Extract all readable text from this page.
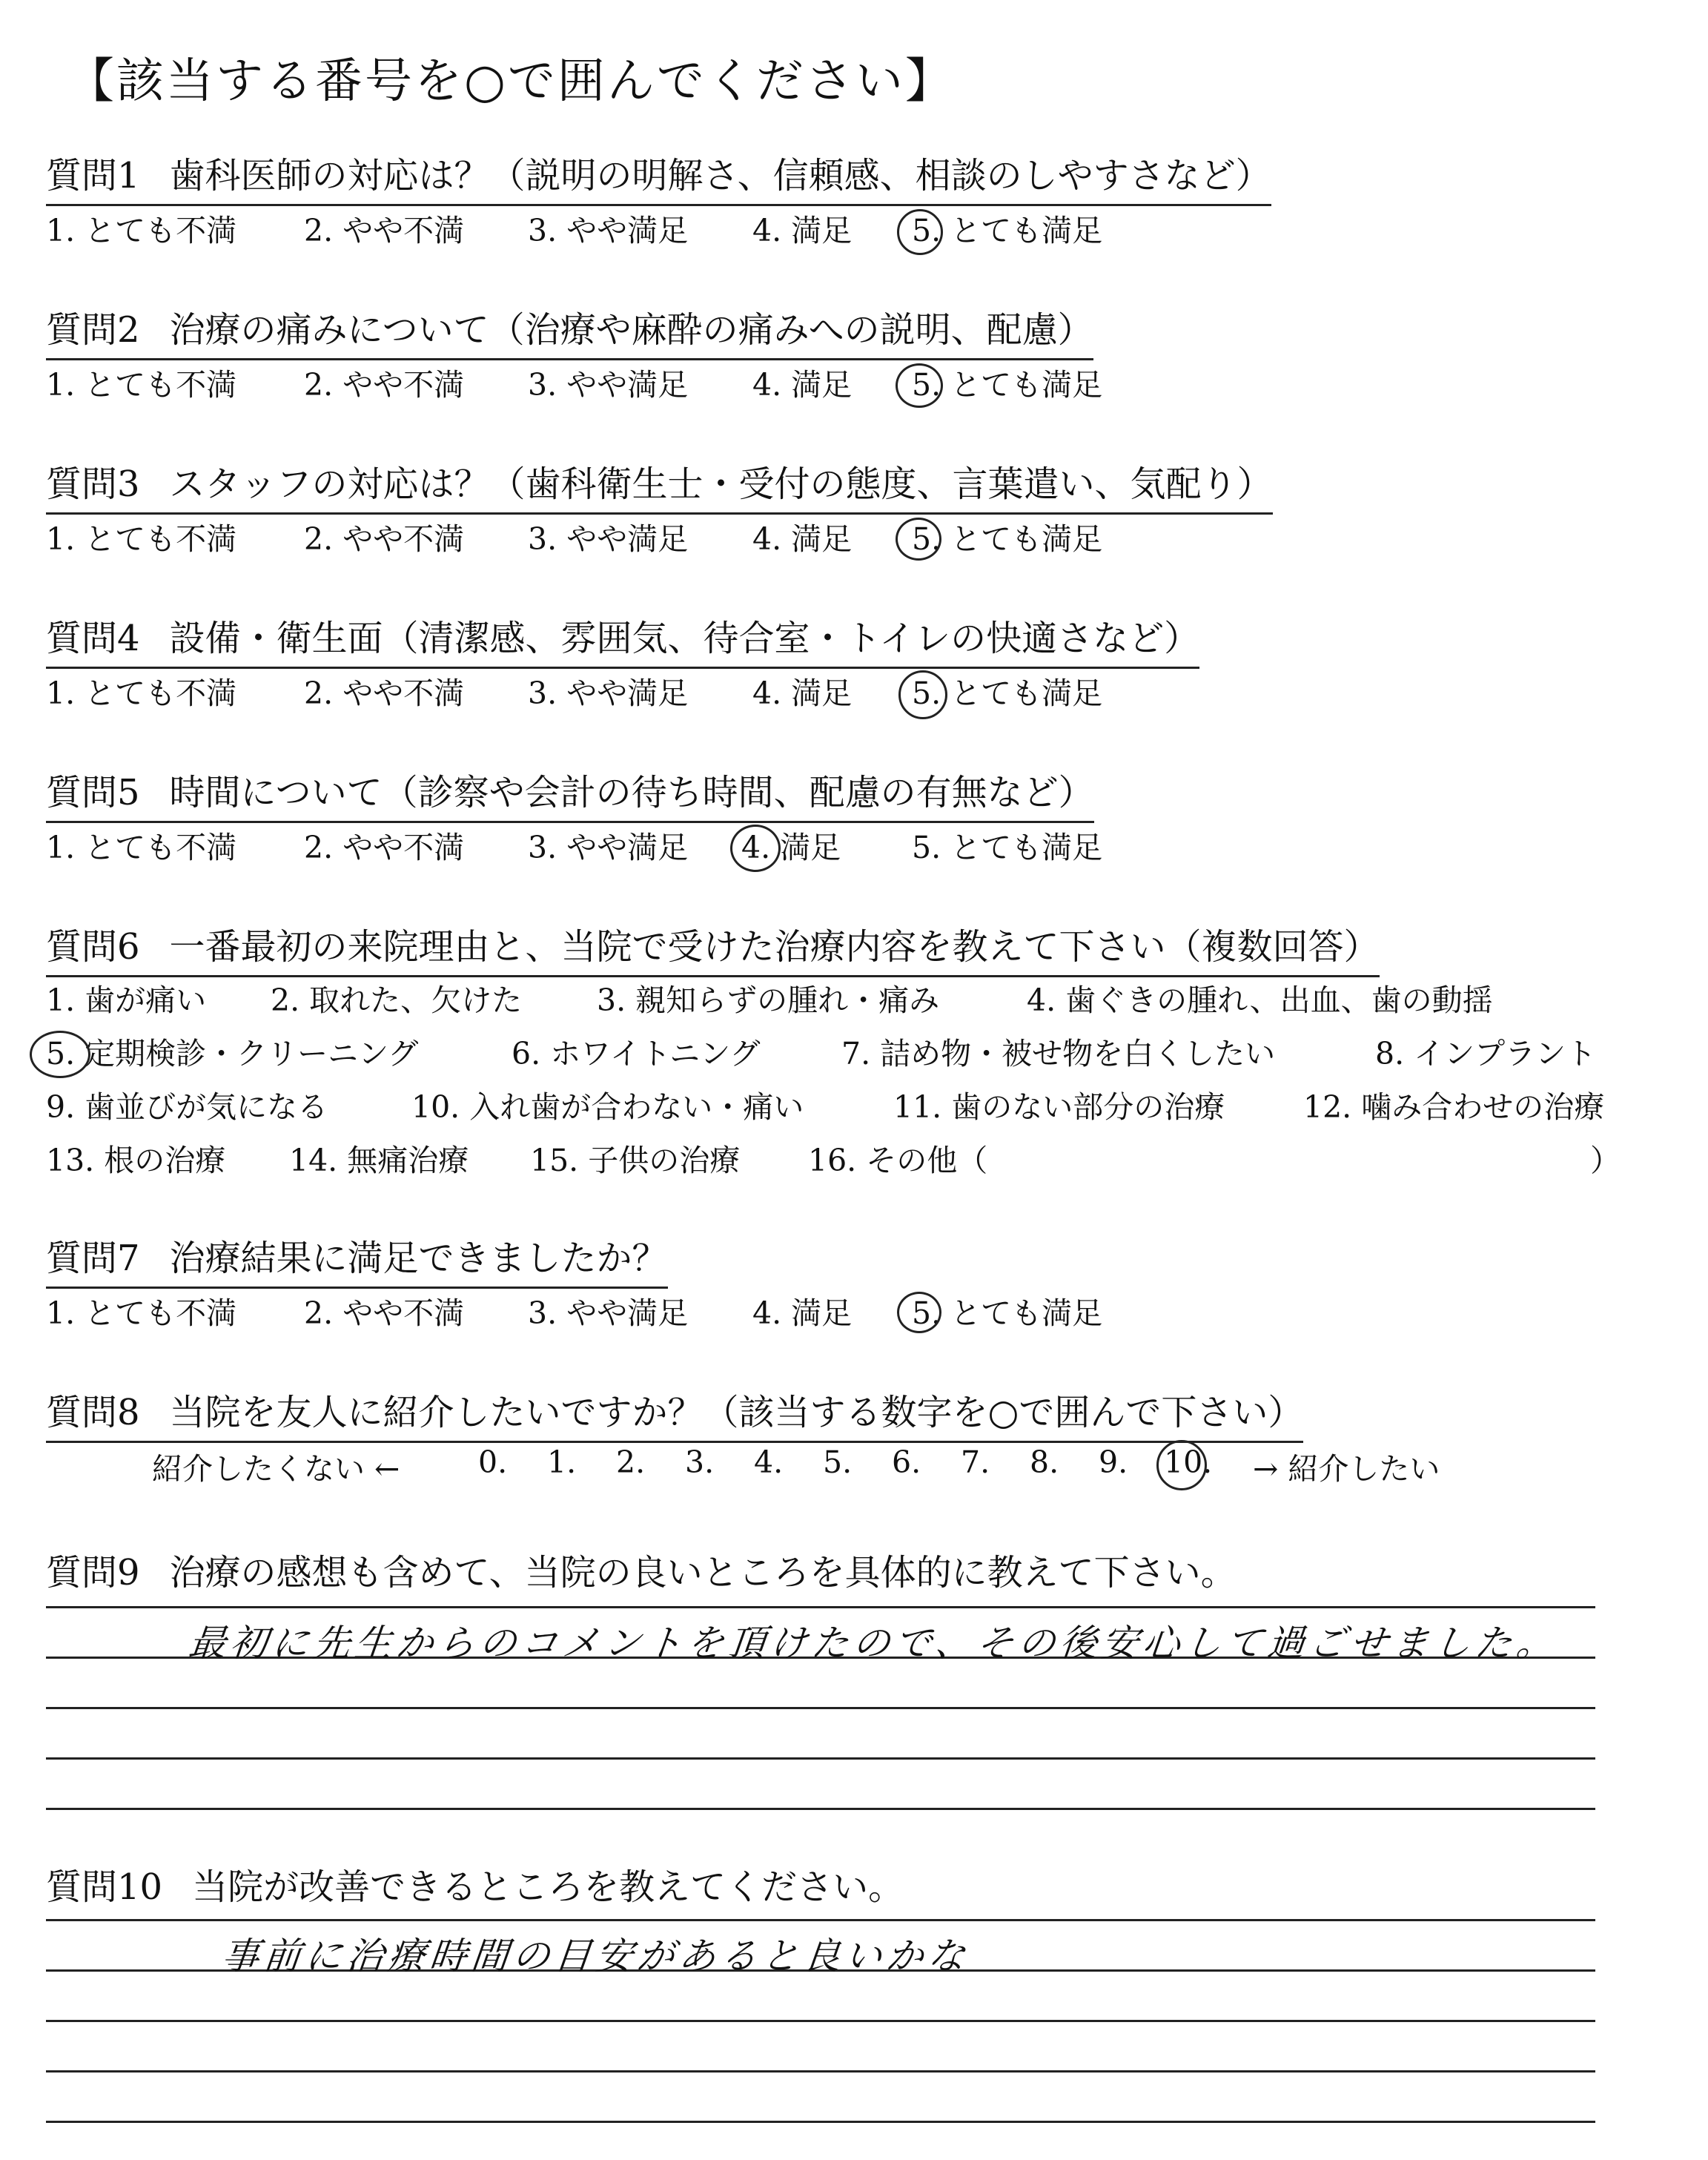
【該当する番号を○で囲んでください】
質問1 歯科医師の対応は？（説明の明解さ、信頼感、相談のしやすさなど）
1. とても不満 2. やや不満 3. やや満足 4. 満足 5. とても満足
質問2 治療の痛みについて（治療や麻酔の痛みへの説明、配慮）
1. とても不満 2. やや不満 3. やや満足 4. 満足 5. とても満足
質問3 スタッフの対応は？（歯科衛生士・受付の態度、言葉遣い、気配り）
1. とても不満 2. やや不満 3. やや満足 4. 満足 5. とても満足
質問4 設備・衛生面（清潔感、雰囲気、待合室・トイレの快適さなど）
1. とても不満 2. やや不満 3. やや満足 4. 満足 5. とても満足
質問5 時間について（診察や会計の待ち時間、配慮の有無など）
1. とても不満 2. やや不満 3. やや満足 4. 満足 5. とても満足
質問6 一番最初の来院理由と、当院で受けた治療内容を教えて下さい（複数回答）
1. 歯が痛い 2. 取れた、欠けた 3. 親知らずの腫れ・痛み	4. 歯ぐきの腫れ、出血、歯の動揺
5. 定期検診・クリーニング	6. ホワイトニング	7. 詰め物・被せ物を白くしたい	8. インプラント
9. 歯並びが気になる	10. 入れ歯が合わない・痛い	11. 歯のない部分の治療	12. 噛み合わせの治療
13. 根の治療 14. 無痛治療 15. 子供の治療 16. その他（	）
質問7 治療結果に満足できましたか？
1. とても不満 2. やや不満 3. やや満足 4. 満足 5. とても満足
質問8 当院を友人に紹介したいですか？（該当する数字を○で囲んで下さい）
紹介したくない ←	0. 1. 2. 3. 4. 5. 6. 7. 8. 9. 10. → 紹介したい
質問9 治療の感想も含めて、当院の良いところを具体的に教えて下さい。
最初に先生からのコメントを頂けたので、その後安心して過ごせました。
質問10 当院が改善できるところを教えてください。
事前に治療時間の目安があると良いかな
